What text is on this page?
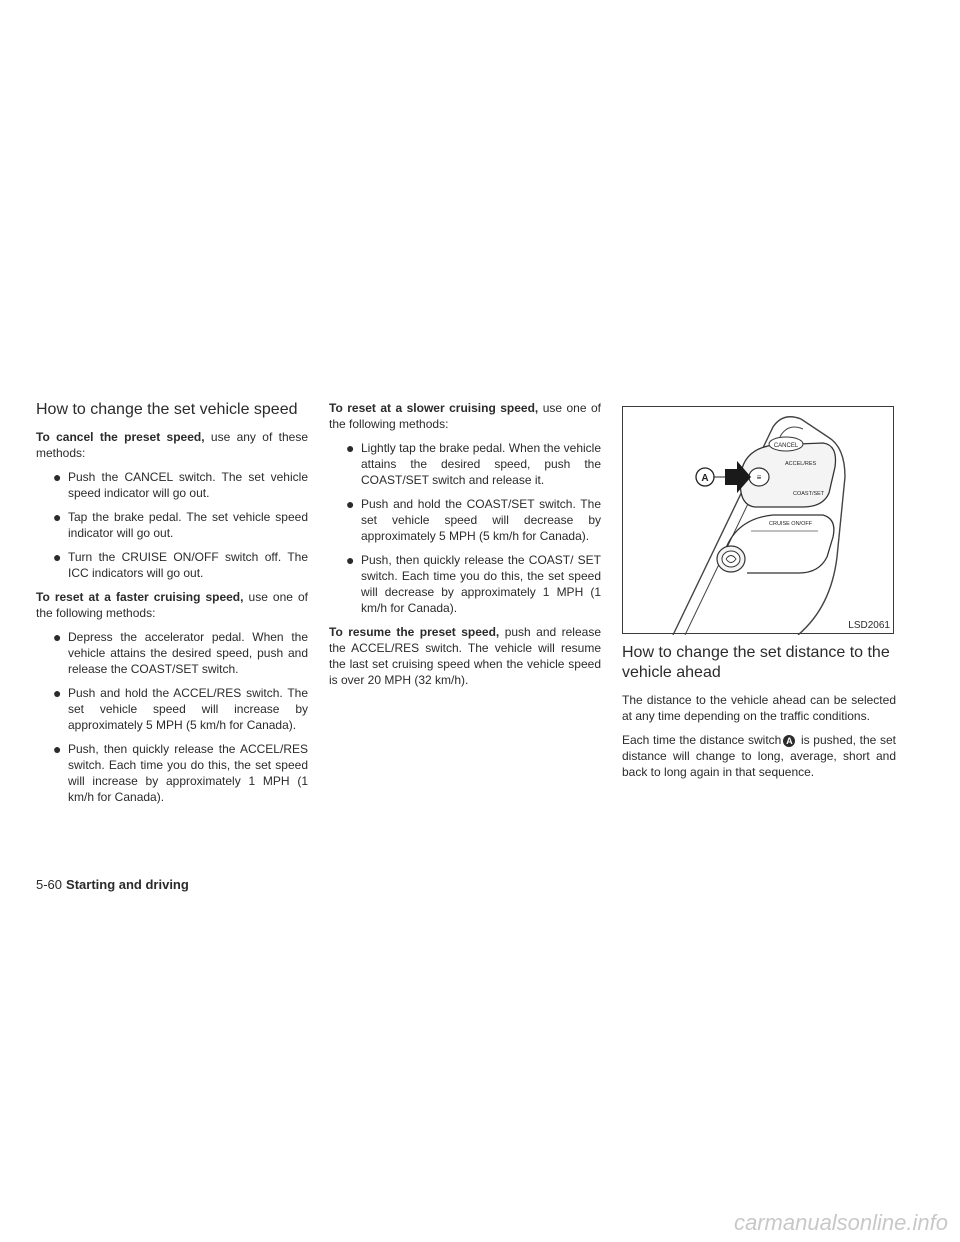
How to change the set vehicle speed

To cancel the preset speed, use any of these methods:

● Push the CANCEL switch. The set vehicle speed indicator will go out.
● Tap the brake pedal. The set vehicle speed indicator will go out.
● Turn the CRUISE ON/OFF switch off. The ICC indicators will go out.

To reset at a faster cruising speed, use one of the following methods:

● Depress the accelerator pedal. When the vehicle attains the desired speed, push and release the COAST/SET switch.
● Push and hold the ACCEL/RES switch. The set vehicle speed will increase by approximately 5 MPH (5 km/h for Canada).
● Push, then quickly release the ACCEL/RES switch. Each time you do this, the set speed will increase by approximately 1 MPH (1 km/h for Canada).

To reset at a slower cruising speed, use one of the following methods:

● Lightly tap the brake pedal. When the vehicle attains the desired speed, push the COAST/SET switch and release it.
● Push and hold the COAST/SET switch. The set vehicle speed will decrease by approximately 5 MPH (5 km/h for Canada).
● Push, then quickly release the COAST/ SET switch. Each time you do this, the set speed will decrease by approximately 1 MPH (1 km/h for Canada).

To resume the preset speed, push and release the ACCEL/RES switch. The vehicle will resume the last set cruising speed when the vehicle speed is over 20 MPH (32 km/h).

CANCEL
ACCEL/RES
COAST/SET
≡
A
CRUISE ON/OFF
LSD2061
How to change the set distance to the vehicle ahead

The distance to the vehicle ahead can be selected at any time depending on the traffic conditions.

Each time the distance switch A is pushed, the set distance will change to long, average, short and back to long again in that sequence.

5-60 Starting and driving
carmanualsonline.info
